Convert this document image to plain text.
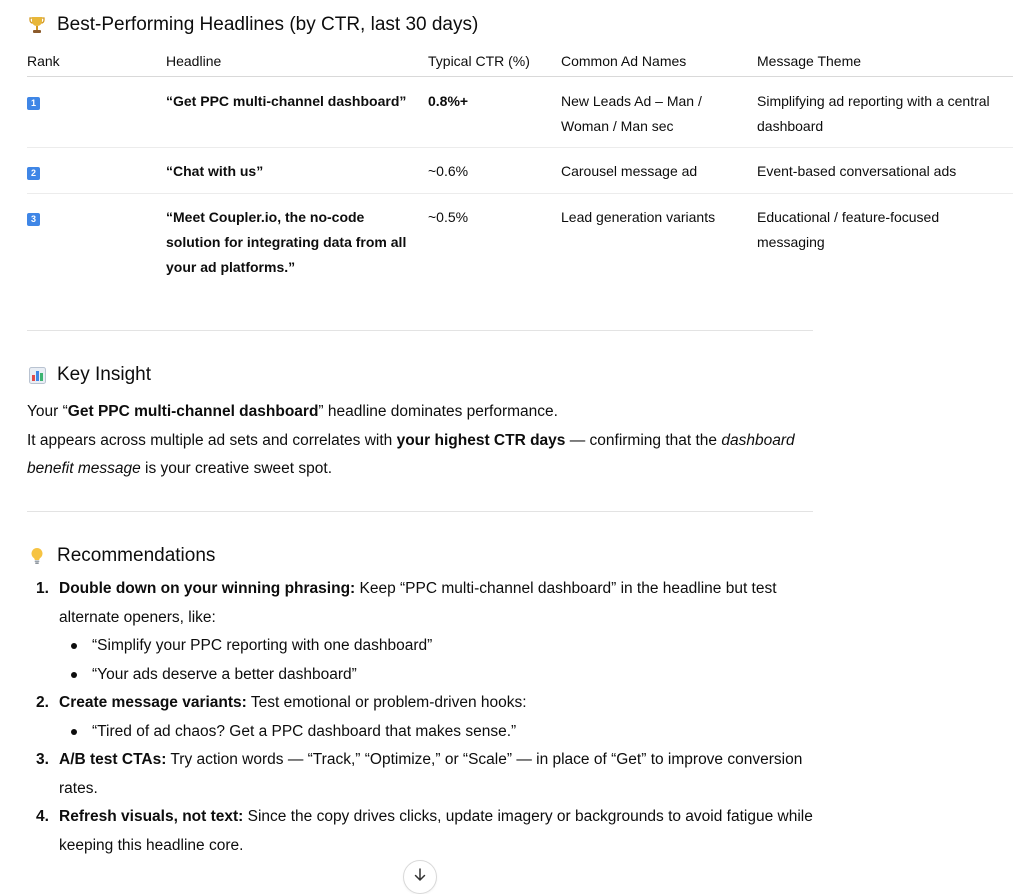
Best-Performing Headlines (by CTR, last 30 days)
Rank	Headline	Typical CTR (%)	Common Ad Names	Message Theme
1	“Get PPC multi-channel dashboard”	0.8%+	New Leads Ad – Man / Woman / Man sec	Simplifying ad reporting with a central dashboard
2	“Chat with us”	~0.6%	Carousel message ad	Event-based conversational ads
3	“Meet Coupler.io, the no-code solution for integrating data from all your ad platforms.”	~0.5%	Lead generation variants	Educational / feature-focused messaging
Key Insight

Your “Get PPC multi-channel dashboard” headline dominates performance.

It appears across multiple ad sets and correlates with your highest CTR days — confirming that the dashboard benefit message is your creative sweet spot.

Recommendations
1. Double down on your winning phrasing: Keep “PPC multi-channel dashboard” in the headline but test alternate openers, like:
“Simplify your PPC reporting with one dashboard”
“Your ads deserve a better dashboard”
2. Create message variants: Test emotional or problem-driven hooks:
“Tired of ad chaos? Get a PPC dashboard that makes sense.”
3. A/B test CTAs: Try action words — “Track,” “Optimize,” or “Scale” — in place of “Get” to improve conversion rates.
4. Refresh visuals, not text: Since the copy drives clicks, update imagery or backgrounds to avoid fatigue while keeping this headline core.
